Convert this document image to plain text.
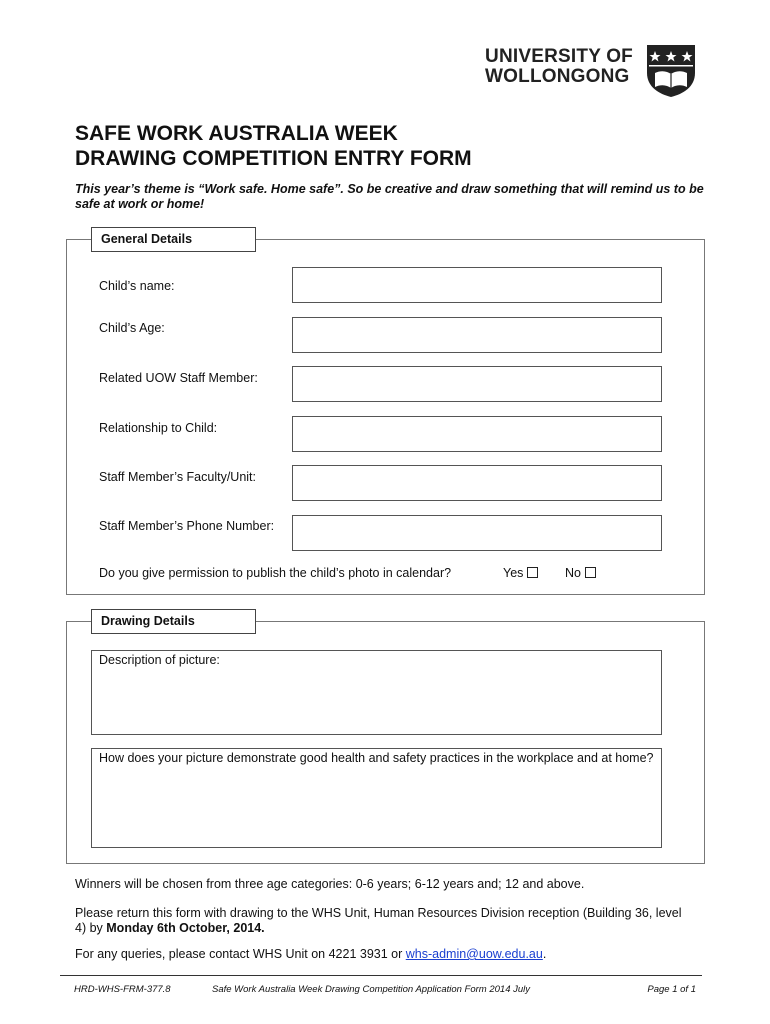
UNIVERSITY OF
WOLLONGONG
SAFE WORK AUSTRALIA WEEK
DRAWING COMPETITION ENTRY FORM
This year’s theme is “Work safe. Home safe”. So be creative and draw something that will remind us to be safe at work or home!
General Details
Child’s name:
Child’s Age:
Related UOW Staff Member:
Relationship to Child:
Staff Member’s Faculty/Unit:
Staff Member’s Phone Number:
Do you give permission to publish the child’s photo in calendar?	Yes	No
Drawing Details
Description of picture:
How does your picture demonstrate good health and safety practices in the workplace and at home?
Winners will be chosen from three age categories: 0-6 years; 6-12 years and; 12 and above.
Please return this form with drawing to the WHS Unit, Human Resources Division reception (Building 36, level 4) by Monday 6th October, 2014.
For any queries, please contact WHS Unit on 4221 3931 or whs-admin@uow.edu.au.
HRD-WHS-FRM-377.8	Safe Work Australia Week Drawing Competition Application Form 2014 July	Page 1 of 1
